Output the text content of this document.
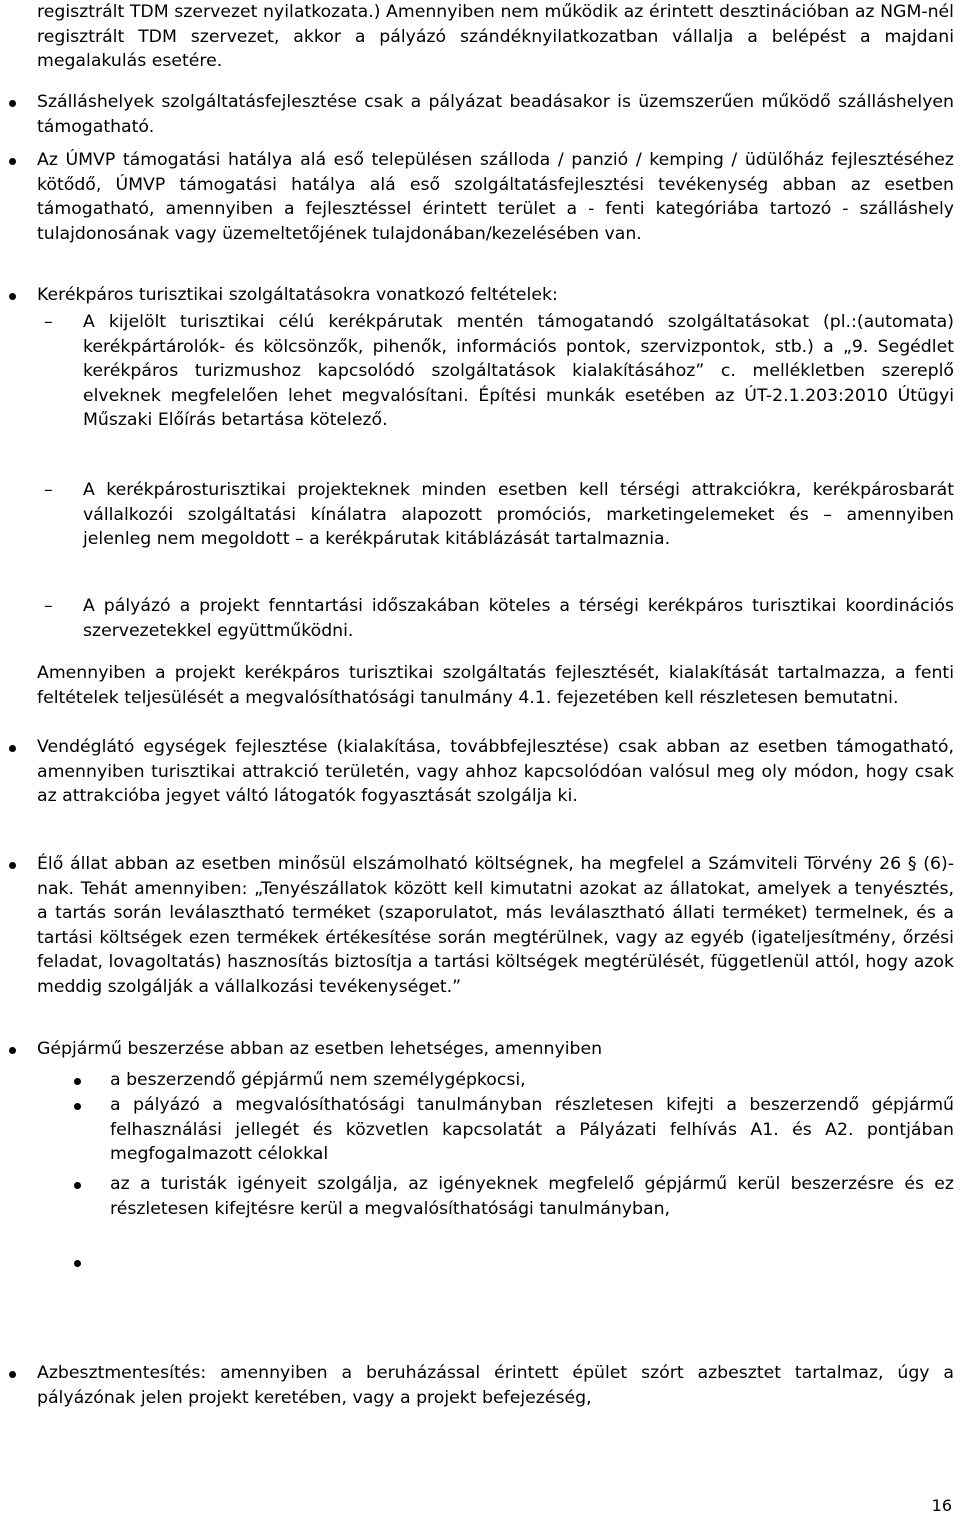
regisztrált TDM szervezet nyilatkozata.) Amennyiben nem működik az érintett desztinációban az NGM-nél regisztrált TDM szervezet, akkor a pályázó szándéknyilatkozatban vállalja a belépést a majdani megalakulás esetére.

Szálláshelyek szolgáltatásfejlesztése csak a pályázat beadásakor is üzemszerűen működő szálláshelyen támogatható.

Az ÚMVP támogatási hatálya alá eső településen szálloda / panzió / kemping / üdülőház fejlesztéséhez kötődő, ÚMVP támogatási hatálya alá eső szolgáltatásfejlesztési tevékenység abban az esetben támogatható, amennyiben a fejlesztéssel érintett terület a - fenti kategóriába tartozó - szálláshely tulajdonosának vagy üzemeltetőjének tulajdonában/kezelésében van.

Kerékpáros turisztikai szolgáltatásokra vonatkozó feltételek:

– A kijelölt turisztikai célú kerékpárutak mentén támogatandó szolgáltatásokat (pl.:(automata) kerékpártárolók- és kölcsönzők, pihenők, információs pontok, szervizpontok, stb.) a „9. Segédlet kerékpáros turizmushoz kapcsolódó szolgáltatások kialakításához” c. mellékletben szereplő elveknek megfelelően lehet megvalósítani. Építési munkák esetében az ÚT-2.1.203:2010 Útügyi Műszaki Előírás betartása kötelező.

– A kerékpárosturisztikai projekteknek minden esetben kell térségi attrakciókra, kerékpárosbarát vállalkozói szolgáltatási kínálatra alapozott promóciós, marketingelemeket és – amennyiben jelenleg nem megoldott – a kerékpárutak kitáblázását tartalmaznia.

– A pályázó a projekt fenntartási időszakában köteles a térségi kerékpáros turisztikai koordinációs szervezetekkel együttműködni.

Amennyiben a projekt kerékpáros turisztikai szolgáltatás fejlesztését, kialakítását tartalmazza, a fenti feltételek teljesülését a megvalósíthatósági tanulmány 4.1. fejezetében kell részletesen bemutatni.

Vendéglátó egységek fejlesztése (kialakítása, továbbfejlesztése) csak abban az esetben támogatható, amennyiben turisztikai attrakció területén, vagy ahhoz kapcsolódóan valósul meg oly módon, hogy csak az attrakcióba jegyet váltó látogatók fogyasztását szolgálja ki.

Élő állat abban az esetben minősül elszámolható költségnek, ha megfelel a Számviteli Törvény 26 § (6)-nak. Tehát amennyiben: „Tenyészállatok között kell kimutatni azokat az állatokat, amelyek a tenyésztés, a tartás során leválasztható terméket (szaporulatot, más leválasztható állati terméket) termelnek, és a tartási költségek ezen termékek értékesítése során megtérülnek, vagy az egyéb (igateljesítmény, őrzési feladat, lovagoltatás) hasznosítás biztosítja a tartási költségek megtérülését, függetlenül attól, hogy azok meddig szolgálják a vállalkozási tevékenységet.”

Gépjármű beszerzése abban az esetben lehetséges, amennyiben

a beszerzendő gépjármű nem személygépkocsi,

a pályázó a megvalósíthatósági tanulmányban részletesen kifejti a beszerzendő gépjármű felhasználási jellegét és közvetlen kapcsolatát a Pályázati felhívás A1. és A2. pontjában megfogalmazott célokkal

az a turisták igényeit szolgálja, az igényeknek megfelelő gépjármű kerül beszerzésre és ez részletesen kifejtésre kerül a megvalósíthatósági tanulmányban,

Azbesztmentesítés: amennyiben a beruházással érintett épület szórt azbesztet tartalmaz, úgy a pályázónak jelen projekt keretében, vagy a projekt befejezéség,

16
